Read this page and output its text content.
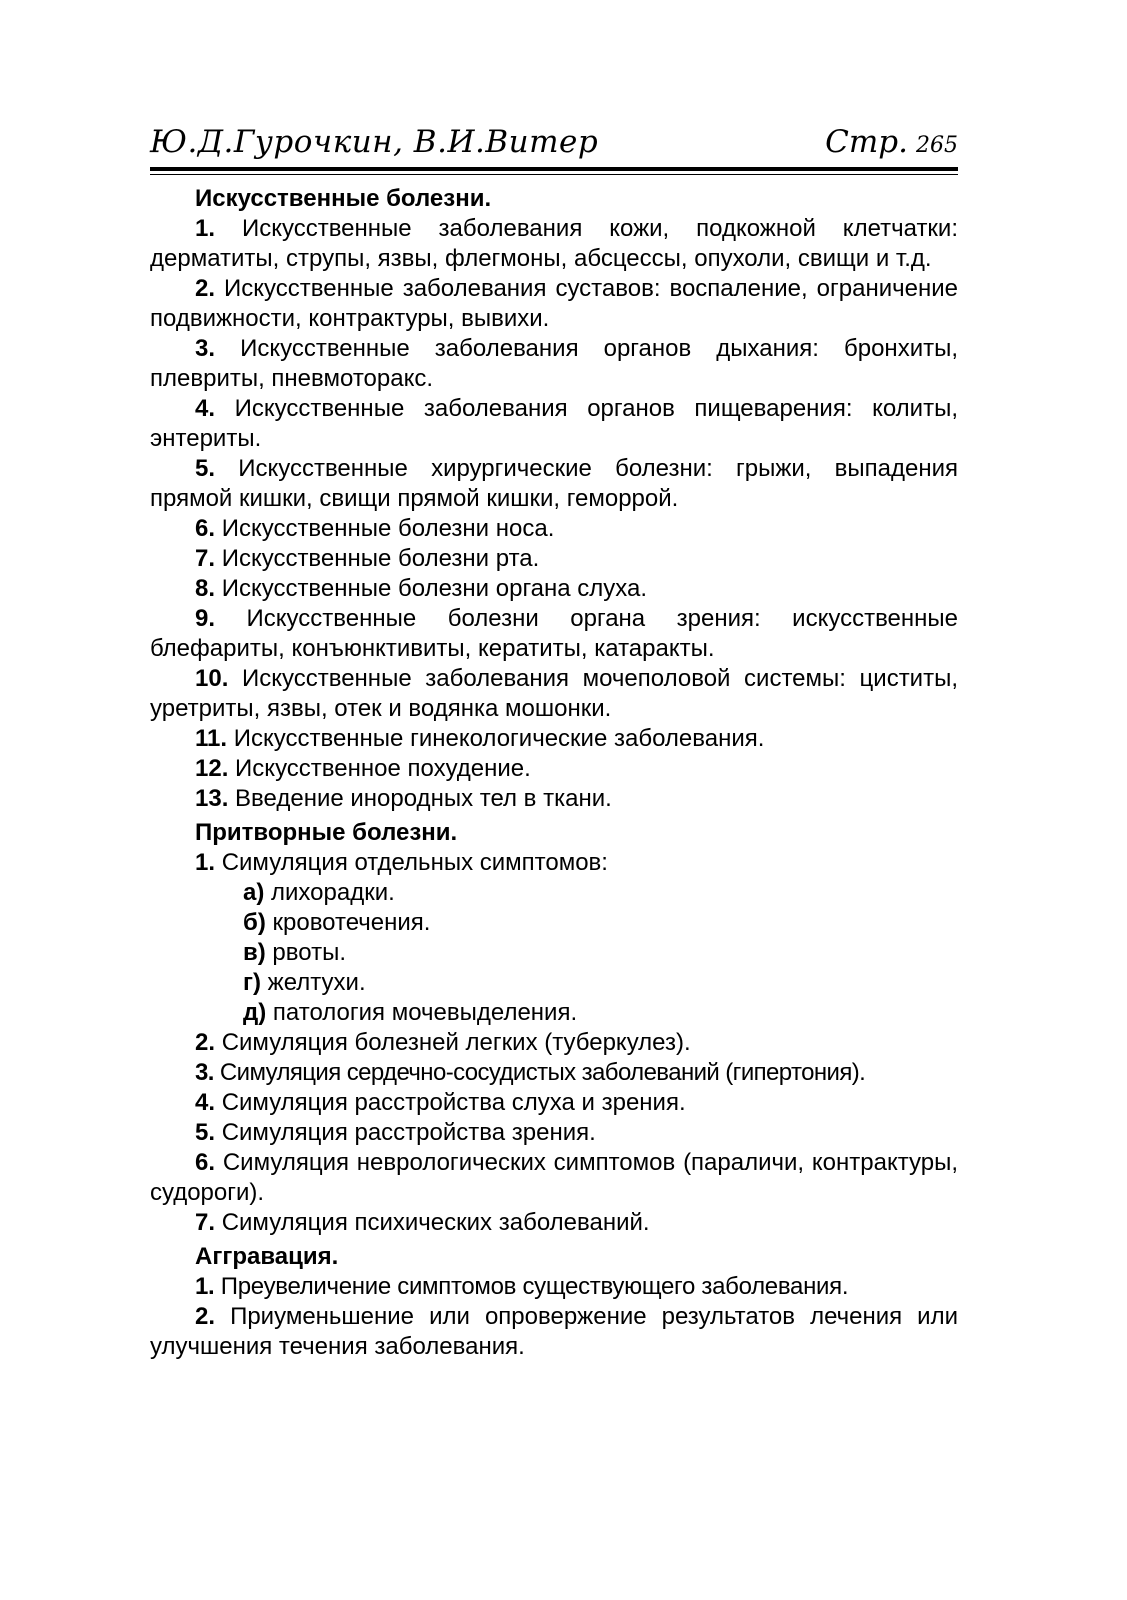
Ю.Д.Гурочкин, В.И.Витер	Стр. 265

Искусственные болезни.

1. Искусственные заболевания кожи, подкожной клетчатки: дерматиты, струпы, язвы, флегмоны, абсцессы, опухоли, свищи и т.д.

2. Искусственные заболевания суставов: воспаление, ограничение подвижности, контрактуры, вывихи.

3. Искусственные заболевания органов дыхания: бронхиты, плевриты, пневмоторакс.

4. Искусственные заболевания органов пищеварения: колиты, энтериты.

5. Искусственные хирургические болезни: грыжи, выпадения прямой кишки, свищи прямой кишки, геморрой.

6. Искусственные болезни носа.

7. Искусственные болезни рта.

8. Искусственные болезни органа слуха.

9. Искусственные болезни органа зрения: искусственные блефариты, конъюнктивиты, кератиты, катаракты.

10. Искусственные заболевания мочеполовой системы: циститы, уретриты, язвы, отек и водянка мошонки.

11. Искусственные гинекологические заболевания.

12. Искусственное похудение.

13. Введение инородных тел в ткани.

Притворные болезни.

1. Симуляция отдельных симптомов:

а) лихорадки.

б) кровотечения.

в) рвоты.

г) желтухи.

д) патология мочевыделения.

2. Симуляция болезней легких (туберкулез).

3. Симуляция сердечно-сосудистых заболеваний (гипертония).

4. Симуляция расстройства слуха и зрения.

5. Симуляция расстройства зрения.

6. Симуляция неврологических симптомов (параличи, контрактуры, судороги).

7. Симуляция психических заболеваний.

Аггравация.

1. Преувеличение симптомов существующего заболевания.

2. Приуменьшение или опровержение результатов лечения или улучшения течения заболевания.
